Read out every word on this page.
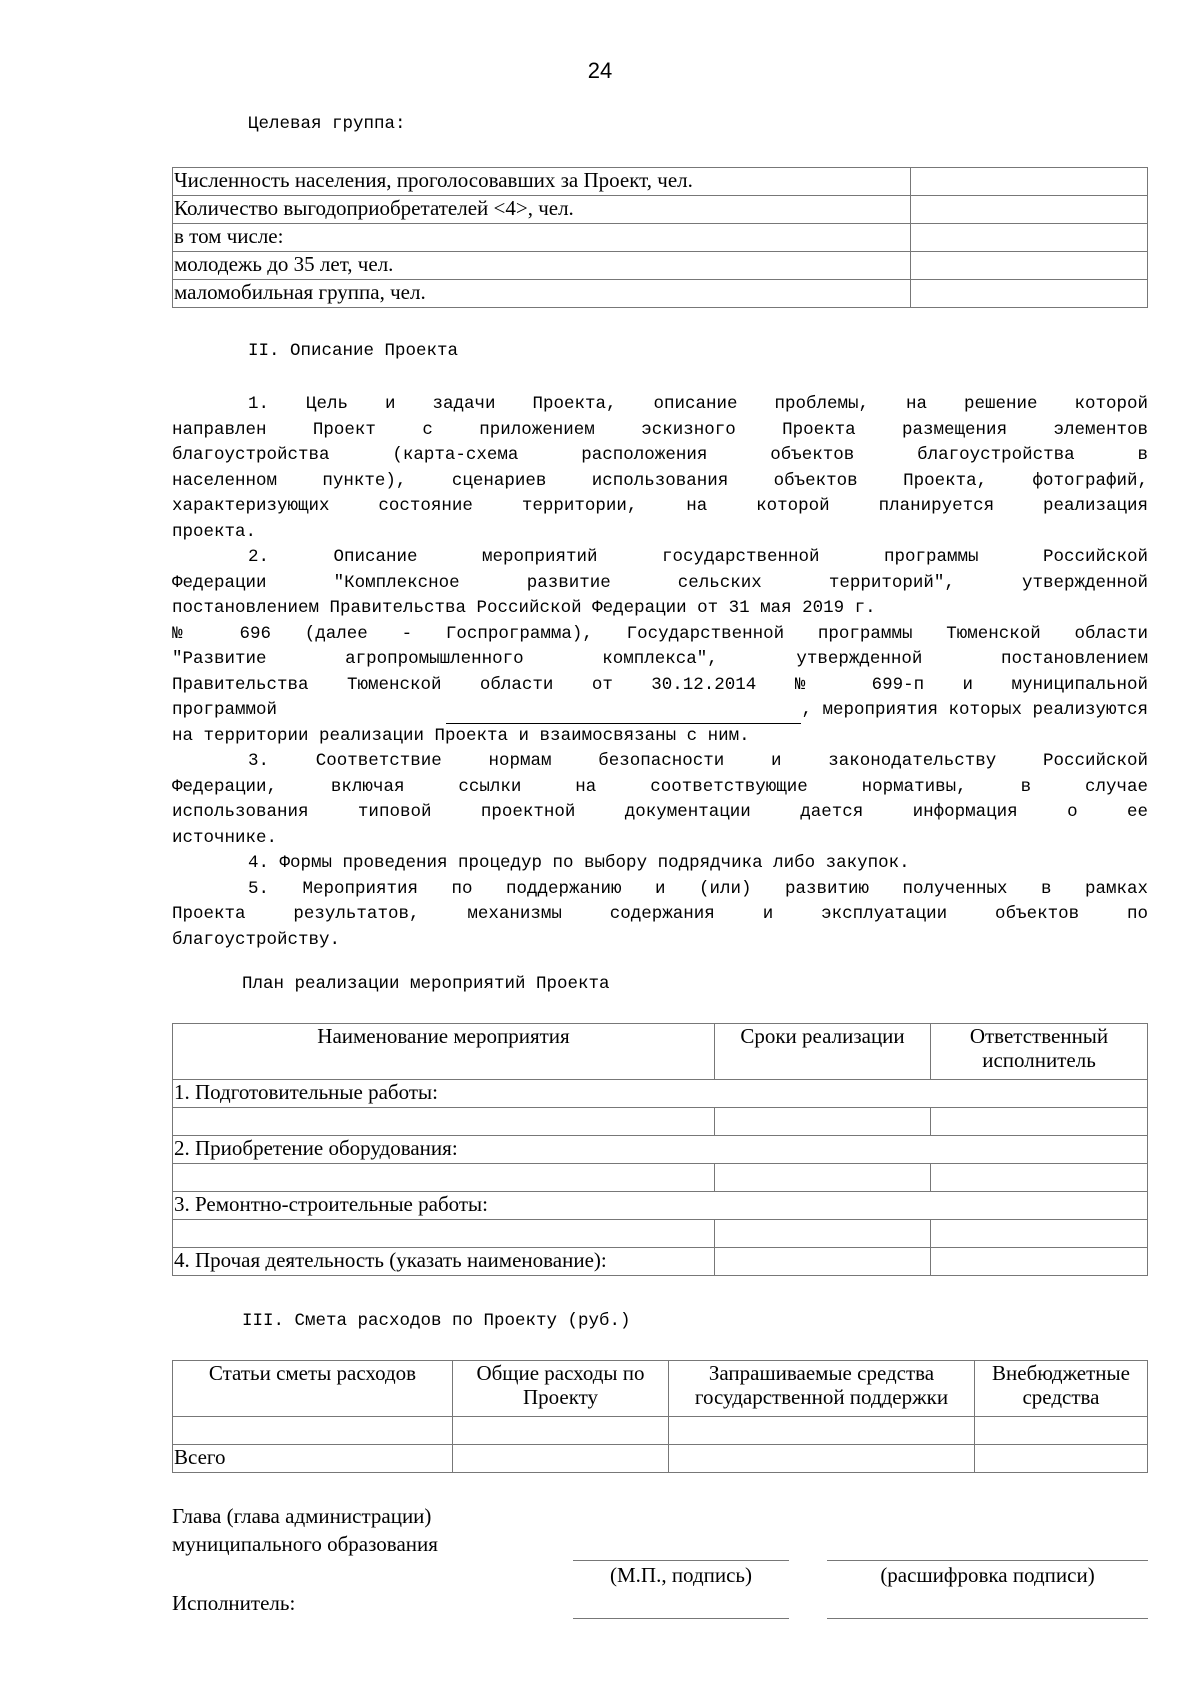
24
Целевая группа:
Численность населения, проголосовавших за Проект, чел.	
Количество выгодоприобретателей <4>, чел.	
в том числе:	
молодежь до 35 лет, чел.	
маломобильная группа, чел.	
II. Описание Проекта

1. Цель и задачи Проекта, описание проблемы, на решение которой

направлен Проект с приложением эскизного Проекта размещения элементов

благоустройства (карта-схема расположения объектов благоустройства в

населенном пункте), сценариев использования объектов Проекта, фотографий,

характеризующих состояние территории, на которой планируется реализация

проекта.

2. Описание мероприятий государственной программы Российской

Федерации "Комплексное развитие сельских территорий", утвержденной

постановлением Правительства Российской Федерации от 31 мая 2019 г.

№ 696 (далее - Госпрограмма), Государственной программы Тюменской области

"Развитие агропромышленного комплекса", утвержденной постановлением

Правительства Тюменской области от 30.12.2014 № 699-п и муниципальной

программой	, мероприятия которых реализуются

на территории реализации Проекта и взаимосвязаны с ним.

3. Соответствие нормам безопасности и законодательству Российской

Федерации, включая ссылки на соответствующие нормативы, в случае

использования типовой проектной документации дается информация о ее

источнике.

4. Формы проведения процедур по выбору подрядчика либо закупок.

5. Мероприятия по поддержанию и (или) развитию полученных в рамках

Проекта результатов, механизмы содержания и эксплуатации объектов по

благоустройству.

План реализации мероприятий Проекта
Наименование мероприятия	Сроки реализации	Ответственный исполнитель
1. Подготовительные работы:		

2. Приобретение оборудования:		

3. Ремонтно-строительные работы:		

4. Прочая деятельность (указать наименование):		
III. Смета расходов по Проекту (руб.)
Статьи сметы расходов	Общие расходы по Проекту	Запрашиваемые средства государственной поддержки	Внебюджетные средства

Всего			
Глава (глава администрации)
муниципального образования
(М.П., подпись)	(расшифровка подписи)
Исполнитель:
